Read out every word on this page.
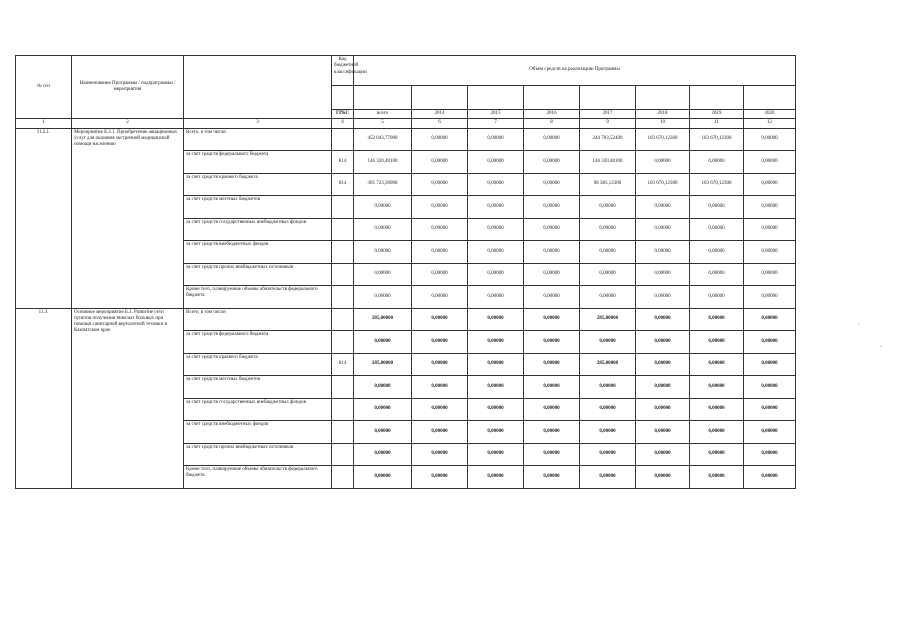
№ п/п	Наименование Программы / подпрограммы / мероприятия		Код бюджетной классификации	Объем средств на реализацию Программы							

			ГРБС	всего	2014	2015	2016	2017	2018	2019	2020
1	2	3	4	5	6	7	8	9	10	11	12
11.2.1.	Мероприятие Б.2.1. Приобретение авиационных услуг для оказания экстренной медицинской помощи населению	Всего, в том числе:		452 043,77000	0,00000	0,00000	0,00000	244 703,52400	103 670,12300	103 670,12300	0,00000
		за счет средств федерального бюджета	814	146 320,40100	0,00000	0,00000	0,00000	146 320,40100	0,00000	0,00000	0,00000
		за счет средств краевого бюджета	814	305 723,36900	0,00000	0,00000	0,00000	98 383,12300	103 670,12300	103 670,12300	0,00000
		за счет средств местных бюджетов		0,00000	0,00000	0,00000	0,00000	0,00000	0,00000	0,00000	0,00000
		за счет средств государственных внебюджетных фондов		0,00000	0,00000	0,00000	0,00000	0,00000	0,00000	0,00000	0,00000
		за счет средств внебюджетных фондов		0,00000	0,00000	0,00000	0,00000	0,00000	0,00000	0,00000	0,00000
		за счет средств прочих внебюджетных источников		0,00000	0,00000	0,00000	0,00000	0,00000	0,00000	0,00000	0,00000
		Кроме того, планируемые объемы обязательств федерального бюджета		0,00000	0,00000	0,00000	0,00000	0,00000	0,00000	0,00000	0,00000
11.3.	Основное мероприятие Б.3. Развитие сети пунктов получения тяжелых больных при помощи санитарной вертолетной техники в Камчатском крае	Всего, в том числе:		285,00000	0,00000	0,00000	0,00000	285,00000	0,00000	0,00000	0,00000
		за счет средств федерального бюджета		0,00000	0,00000	0,00000	0,00000	0,00000	0,00000	0,00000	0,00000
		за счет средств краевого бюджета	814	285,00000	0,00000	0,00000	0,00000	285,00000	0,00000	0,00000	0,00000
		за счет средств местных бюджетов		0,00000	0,00000	0,00000	0,00000	0,00000	0,00000	0,00000	0,00000
		за счет средств государственных внебюджетных фондов		0,00000	0,00000	0,00000	0,00000	0,00000	0,00000	0,00000	0,00000
		за счет средств внебюджетных фондов		0,00000	0,00000	0,00000	0,00000	0,00000	0,00000	0,00000	0,00000
		за счет средств прочих внебюджетных источников		0,00000	0,00000	0,00000	0,00000	0,00000	0,00000	0,00000	0,00000
		Кроме того, планируемые объемы обязательств федерального бюджета		0,00000	0,00000	0,00000	0,00000	0,00000	0,00000	0,00000	0,00000
'
,
